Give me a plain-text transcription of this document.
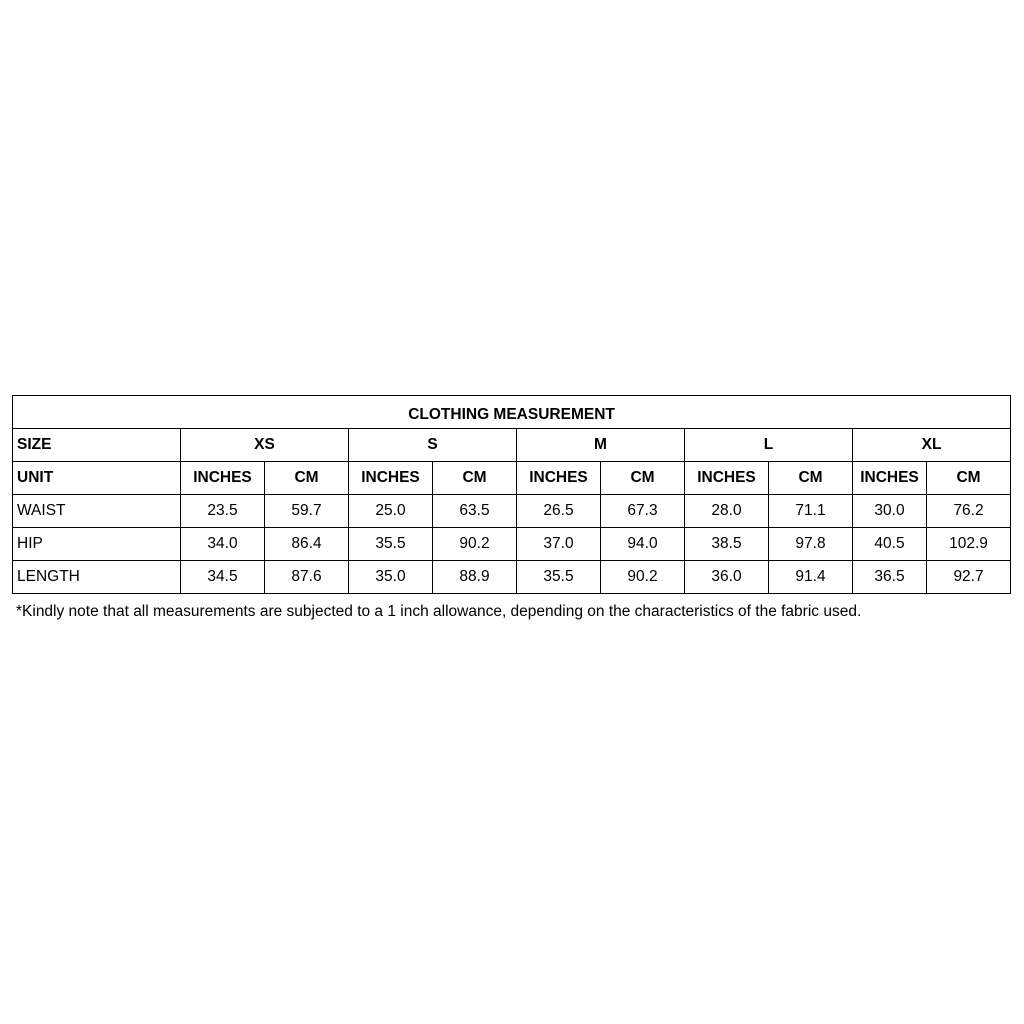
CLOTHING MEASUREMENT										
SIZE	XS		S		M		L		XL	
UNIT	INCHES	CM	INCHES	CM	INCHES	CM	INCHES	CM	INCHES	CM
WAIST	23.5	59.7	25.0	63.5	26.5	67.3	28.0	71.1	30.0	76.2
HIP	34.0	86.4	35.5	90.2	37.0	94.0	38.5	97.8	40.5	102.9
LENGTH	34.5	87.6	35.0	88.9	35.5	90.2	36.0	91.4	36.5	92.7
*Kindly note that all measurements are subjected to a 1 inch allowance, depending on the characteristics of the fabric used.
